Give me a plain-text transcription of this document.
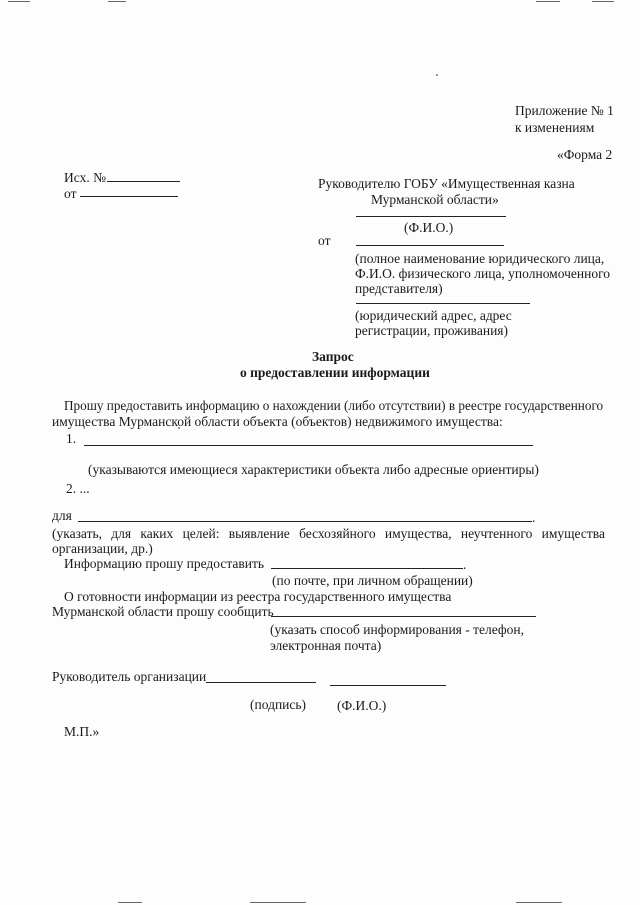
Приложение № 1
к изменениям
«Форма 2
Исх. №
от
Руководителю ГОБУ «Имущественная казна
Мурманской области»
(Ф.И.О.)
от
(полное наименование юридического лица,
Ф.И.О. физического лица, уполномоченного
представителя)
(юридический адрес, адрес
регистрации, проживания)
Запрос
о предоставлении информации
Прошу предоставить информацию о нахождении (либо отсутствии) в реестре государственного
имущества Мурманской области объекта (объектов) недвижимого имущества:
1.
(указываются имеющиеся характеристики объекта либо адресные ориентиры)
2. ...
для	.
(указать, для каких целей: выявление бесхозяйного имущества, неучтенного имущества
организации, др.)
Информацию прошу предоставить	.
(по почте, при личном обращении)
О готовности информации из реестра государственного имущества
Мурманской области прошу сообщить
(указать способ информирования - телефон,
электронная почта)
Руководитель организации
(подпись) (Ф.И.О.)
М.П.»
